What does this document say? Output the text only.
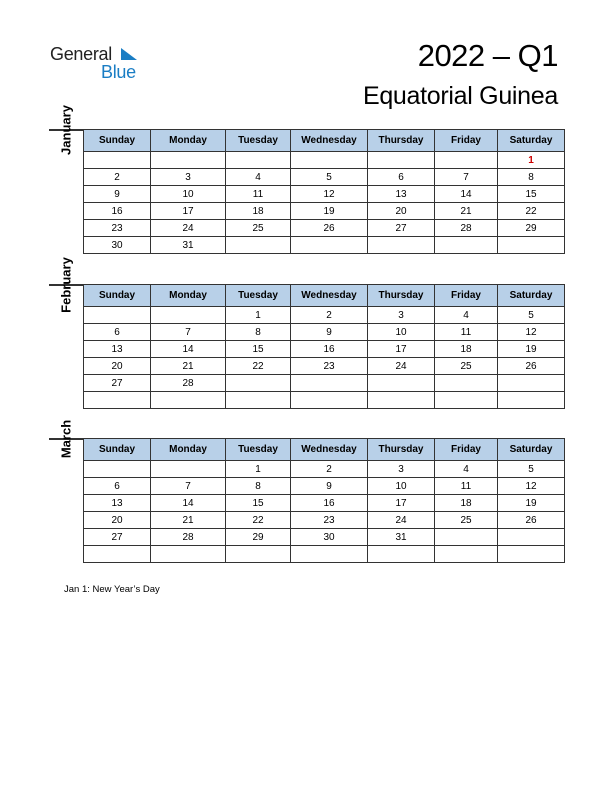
General
Blue	2022 – Q1
Equatorial Guinea
January	Sunday	Monday	Tuesday	Wednesday	Thursday	Friday	Saturday
						1
2	3	4	5	6	7	8
9	10	11	12	13	14	15
16	17	18	19	20	21	22
23	24	25	26	27	28	29
30	31					
February	Sunday	Monday	Tuesday	Wednesday	Thursday	Friday	Saturday
		1	2	3	4	5
6	7	8	9	10	11	12
13	14	15	16	17	18	19
20	21	22	23	24	25	26
27	28					

March	Sunday	Monday	Tuesday	Wednesday	Thursday	Friday	Saturday
		1	2	3	4	5
6	7	8	9	10	11	12
13	14	15	16	17	18	19
20	21	22	23	24	25	26
27	28	29	30	31		

Jan 1: New Year’s Day
